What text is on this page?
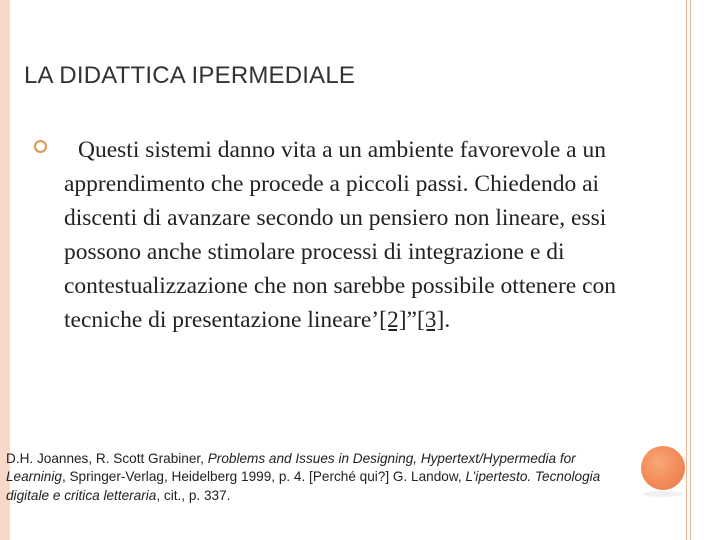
LA DIDATTICA IPERMEDIALE
Questi sistemi danno vita a un ambiente favorevole a un apprendimento che procede a piccoli passi. Chiedendo ai discenti di avanzare secondo un pensiero non lineare, essi possono anche stimolare processi di integrazione e di contestualizzazione che non sarebbe possibile ottenere con tecniche di presentazione lineare’[2]”[3].
D.H. Joannes, R. Scott Grabiner, Problems and Issues in Designing, Hypertext/Hypermedia for Learninig, Springer-Verlag, Heidelberg 1999, p. 4. [Perché qui?] G. Landow, L’ipertesto. Tecnologia digitale e critica letteraria, cit., p. 337.
